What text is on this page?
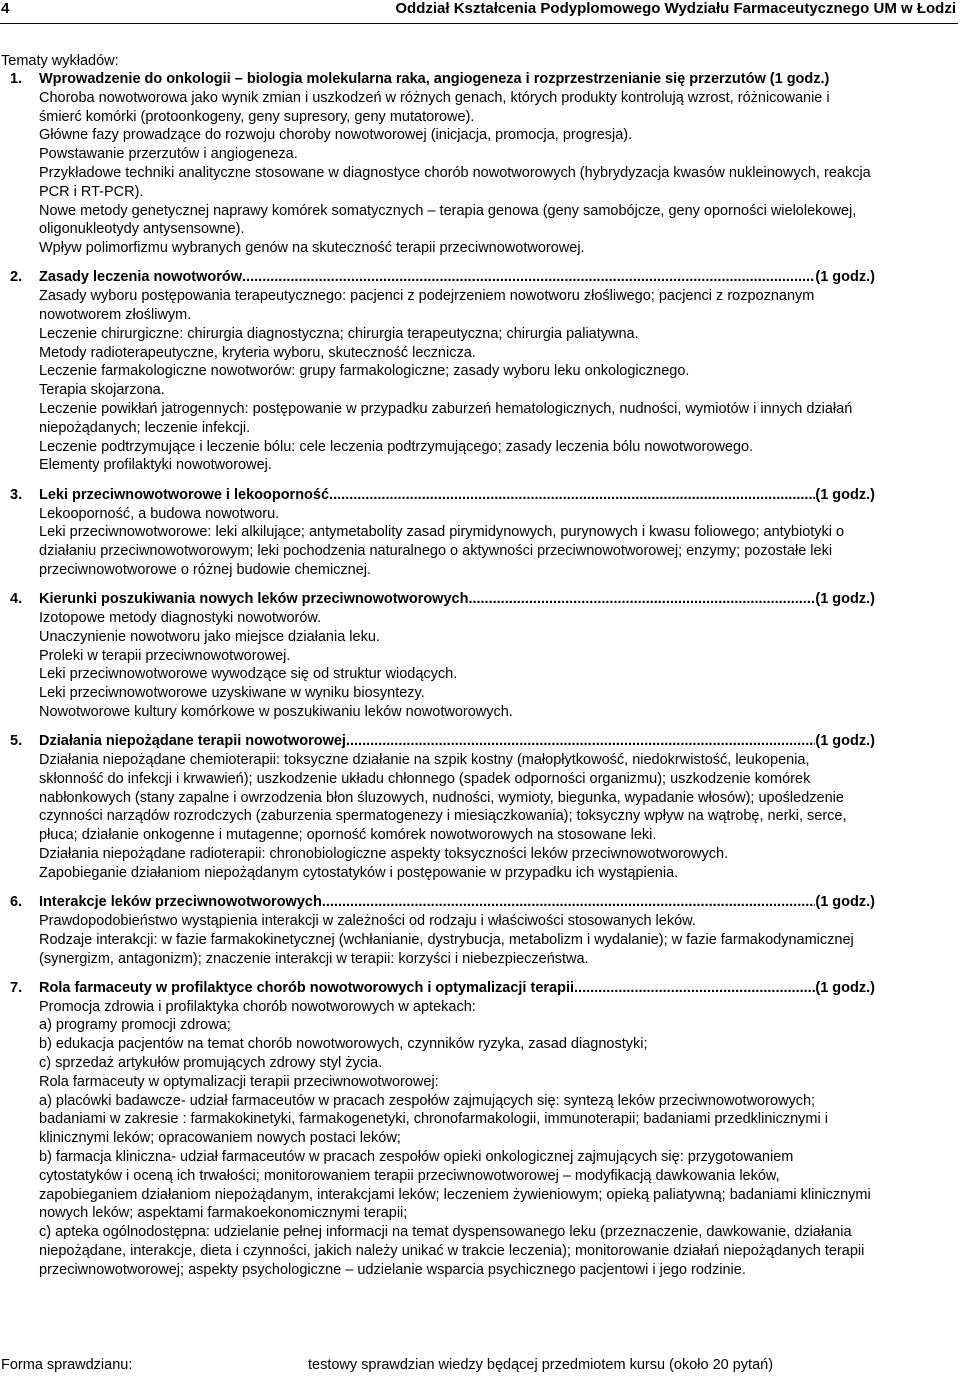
4	Oddział Kształcenia Podyplomowego Wydziału Farmaceutycznego UM w Łodzi
Tematy wykładów:
1. Wprowadzenie do onkologii – biologia molekularna raka, angiogeneza i rozprzestrzenianie się przerzutów (1 godz.)

Choroba nowotworowa jako wynik zmian i uszkodzeń w różnych genach, których produkty kontrolują wzrost, różnicowanie i śmierć komórki (protoonkogeny, geny supresory, geny mutatorowe).

Główne fazy prowadzące do rozwoju choroby nowotworowej (inicjacja, promocja, progresja).

Powstawanie przerzutów i angiogeneza.

Przykładowe techniki analityczne stosowane w diagnostyce chorób nowotworowych (hybrydyzacja kwasów nukleinowych, reakcja PCR i RT-PCR).

Nowe metody genetycznej naprawy komórek somatycznych – terapia genowa (geny samobójcze, geny oporności wielolekowej, oligonukleotydy antysensowne).

Wpływ polimorfizmu wybranych genów na skuteczność terapii przeciwnowotworowej.

2. Zasady leczenia nowotworów .....	(1 godz.)

Zasady wyboru postępowania terapeutycznego: pacjenci z podejrzeniem nowotworu złośliwego; pacjenci z rozpoznanym nowotworem złośliwym.

Leczenie chirurgiczne: chirurgia diagnostyczna; chirurgia terapeutyczna; chirurgia paliatywna.

Metody radioterapeutyczne, kryteria wyboru, skuteczność lecznicza.

Leczenie farmakologiczne nowotworów: grupy farmakologiczne; zasady wyboru leku onkologicznego.

Terapia skojarzona.

Leczenie powikłań jatrogennych: postępowanie w przypadku zaburzeń hematologicznych, nudności, wymiotów i innych działań niepożądanych; leczenie infekcji.

Leczenie podtrzymujące i leczenie bólu: cele leczenia podtrzymującego; zasady leczenia bólu nowotworowego.

Elementy profilaktyki nowotworowej.

3. Leki przeciwnowotworowe i lekooporność .....	(1 godz.)

Lekooporność, a budowa nowotworu.

Leki przeciwnowotworowe: leki alkilujące; antymetabolity zasad pirymidynowych, purynowych i kwasu foliowego; antybiotyki o działaniu przeciwnowotworowym; leki pochodzenia naturalnego o aktywności przeciwnowotworowej; enzymy; pozostałe leki przeciwnowotworowe o różnej budowie chemicznej.

4. Kierunki poszukiwania nowych leków przeciwnowotworowych .....	(1 godz.)

Izotopowe metody diagnostyki nowotworów.

Unaczynienie nowotworu jako miejsce działania leku.

Proleki w terapii przeciwnowotworowej.

Leki przeciwnowotworowe wywodzące się od struktur wiodących.

Leki przeciwnowotworowe uzyskiwane w wyniku biosyntezy.

Nowotworowe kultury komórkowe w poszukiwaniu leków nowotworowych.

5. Działania niepożądane terapii nowotworowej .....	(1 godz.)

Działania niepożądane chemioterapii: toksyczne działanie na szpik kostny (małopłytkowość, niedokrwistość, leukopenia, skłonność do infekcji i krwawień); uszkodzenie układu chłonnego (spadek odporności organizmu); uszkodzenie komórek nabłonkowych (stany zapalne i owrzodzenia błon śluzowych, nudności, wymioty, biegunka, wypadanie włosów); upośledzenie czynności narządów rozrodczych (zaburzenia spermatogenezy i miesiączkowania); toksyczny wpływ na wątrobę, nerki, serce, płuca; działanie onkogenne i mutagenne; oporność komórek nowotworowych na stosowane leki.

Działania niepożądane radioterapii: chronobiologiczne aspekty toksyczności leków przeciwnowotworowych.

Zapobieganie działaniom niepożądanym cytostatyków i postępowanie w przypadku ich wystąpienia.

6. Interakcje leków przeciwnowotworowych .....	(1 godz.)

Prawdopodobieństwo wystąpienia interakcji w zależności od rodzaju i właściwości stosowanych leków.

Rodzaje interakcji: w fazie farmakokinetycznej (wchłanianie, dystrybucja, metabolizm i wydalanie); w fazie farmakodynamicznej (synergizm, antagonizm); znaczenie interakcji w terapii: korzyści i niebezpieczeństwa.

7. Rola farmaceuty w profilaktyce chorób nowotworowych i optymalizacji terapii .....	(1 godz.)

Promocja zdrowia i profilaktyka chorób nowotworowych w aptekach:

a) programy promocji zdrowa;

b) edukacja pacjentów na temat chorób nowotworowych, czynników ryzyka, zasad diagnostyki;

c) sprzedaż artykułów promujących zdrowy styl życia.

Rola farmaceuty w optymalizacji terapii przeciwnowotworowej:

a) placówki badawcze- udział farmaceutów w pracach zespołów zajmujących się: syntezą leków przeciwnowotworowych; badaniami w zakresie : farmakokinetyki, farmakogenetyki, chronofarmakologii, immunoterapii; badaniami przedklinicznymi i klinicznymi leków; opracowaniem nowych postaci leków;

b) farmacja kliniczna- udział farmaceutów w pracach zespołów opieki onkologicznej zajmujących się: przygotowaniem cytostatyków i oceną ich trwałości; monitorowaniem terapii przeciwnowotworowej – modyfikacją dawkowania leków, zapobieganiem działaniom niepożądanym, interakcjami leków; leczeniem żywieniowym; opieką paliatywną; badaniami klinicznymi nowych leków; aspektami farmakoekonomicznymi terapii;

c) apteka ogólnodostępna: udzielanie pełnej informacji na temat dyspensowanego leku (przeznaczenie, dawkowanie, działania niepożądane, interakcje, dieta i czynności, jakich należy unikać w trakcie leczenia); monitorowanie działań niepożądanych terapii przeciwnowotworowej; aspekty psychologiczne – udzielanie wsparcia psychicznego pacjentowi i jego rodzinie.

Forma sprawdzianu:	testowy sprawdzian wiedzy będącej przedmiotem kursu (około 20 pytań)
